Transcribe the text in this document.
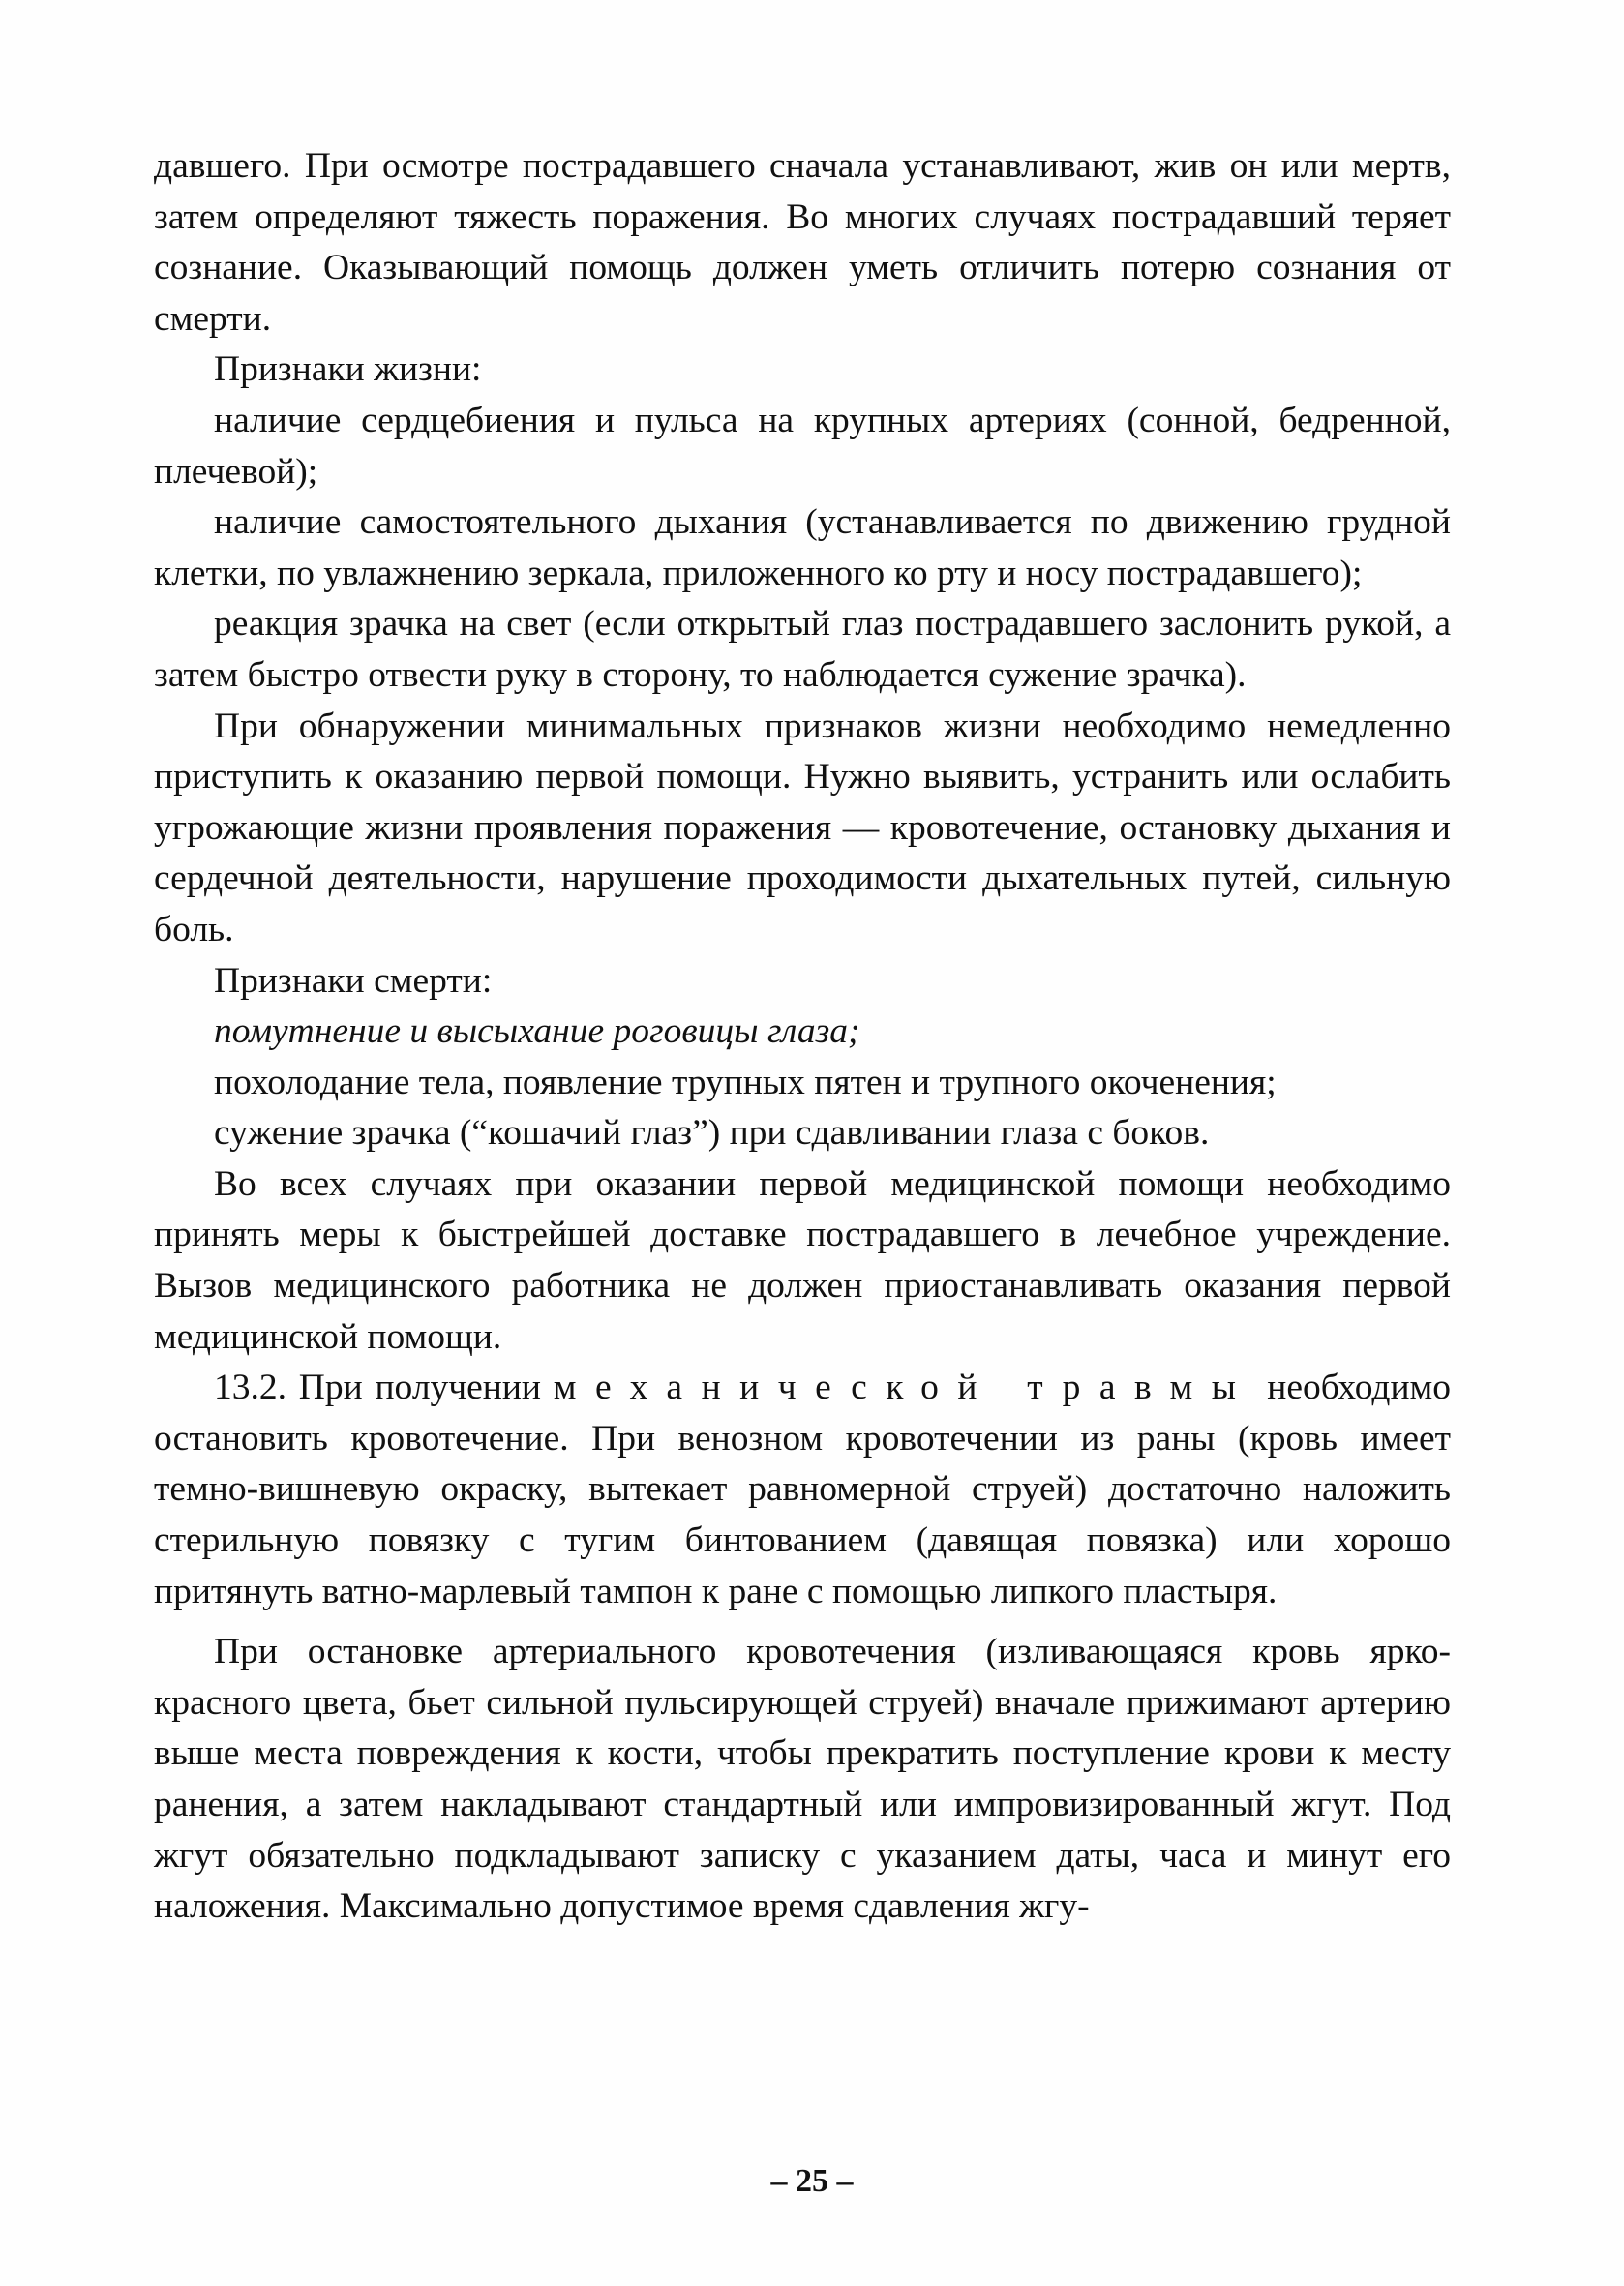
давшего. При осмотре пострадавшего сначала устанавливают, жив он или мертв, затем определяют тяжесть поражения. Во многих случаях пострадавший теряет сознание. Оказывающий помощь должен уметь отличить потерю сознания от смерти.

Признаки жизни:

наличие сердцебиения и пульса на крупных артериях (сонной, бедренной, плечевой);

наличие самостоятельного дыхания (устанавливается по движению грудной клетки, по увлажнению зеркала, приложенного ко рту и носу пострадавшего);

реакция зрачка на свет (если открытый глаз пострадавшего заслонить рукой, а затем быстро отвести руку в сторону, то наблюдается сужение зрачка).

При обнаружении минимальных признаков жизни необходимо немедленно приступить к оказанию первой помощи. Нужно выявить, устранить или ослабить угрожающие жизни проявления поражения — кровотечение, остановку дыхания и сердечной деятельности, нарушение проходимости дыхательных путей, сильную боль.

Признаки смерти:

помутнение и высыхание роговицы глаза;

похолодание тела, появление трупных пятен и трупного окоченения;

сужение зрачка (“кошачий глаз”) при сдавливании глаза с боков.

Во всех случаях при оказании первой медицинской помощи необходимо принять меры к быстрейшей доставке пострадавшего в лечебное учреждение. Вызов медицинского работника не должен приостанавливать оказания первой медицинской помощи.

13.2. При получении механической травмы необходимо остановить кровотечение. При венозном кровотечении из раны (кровь имеет темно-вишневую окраску, вытекает равномерной струей) достаточно наложить стерильную повязку с тугим бинтованием (давящая повязка) или хорошо притянуть ватно-марлевый тампон к ране с помощью липкого пластыря.

При остановке артериального кровотечения (изливающаяся кровь ярко-красного цвета, бьет сильной пульсирующей струей) вначале прижимают артерию выше места повреждения к кости, чтобы прекратить поступление крови к месту ранения, а затем накладывают стандартный или импровизированный жгут. Под жгут обязательно подкладывают записку с указанием даты, часа и минут его наложения. Максимально допустимое время сдавления жгу-

– 25 –
